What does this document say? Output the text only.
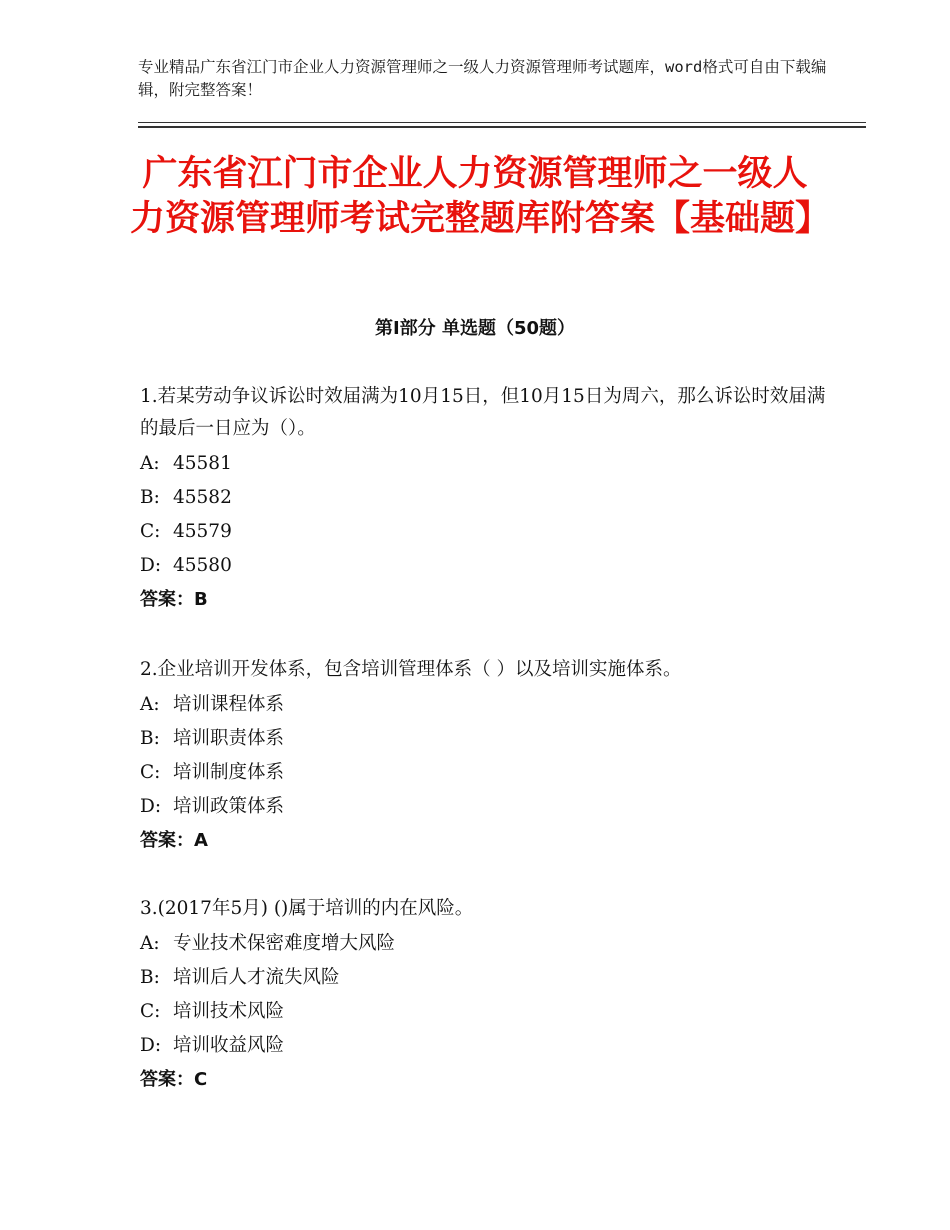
专业精品广东省江门市企业人力资源管理师之一级人力资源管理师考试题库，word格式可自由下载编辑，附完整答案！
广东省江门市企业人力资源管理师之一级人力资源管理师考试完整题库附答案【基础题】
第Ⅰ部分 单选题（50题）
1.若某劳动争议诉讼时效届满为10月15日，但10月15日为周六，那么诉讼时效届满的最后一日应为（）。
A: 45581
B: 45582
C: 45579
D: 45580
答案：B
2.企业培训开发体系，包含培训管理体系（ ）以及培训实施体系。
A: 培训课程体系
B: 培训职责体系
C: 培训制度体系
D: 培训政策体系
答案：A
3.(2017年5月) ()属于培训的内在风险。
A: 专业技术保密难度增大风险
B: 培训后人才流失风险
C: 培训技术风险
D: 培训收益风险
答案：C
